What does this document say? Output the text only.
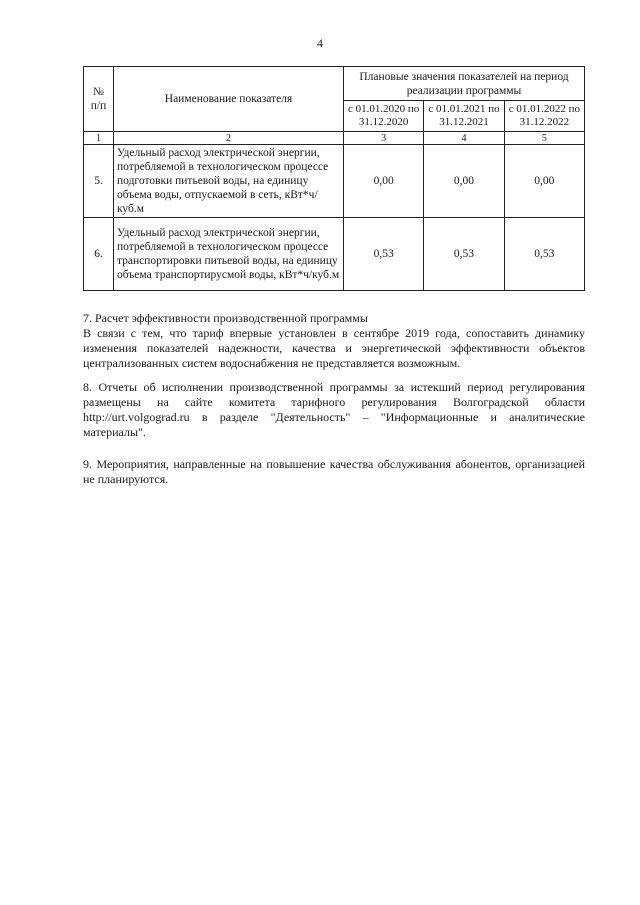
4
№ п/п	Наименование показателя	Плановые значения показателей на период реализации программы		
		с 01.01.2020 по 31.12.2020	с 01.01.2021 по 31.12.2021	с 01.01.2022 по 31.12.2022
1	2	3	4	5
5.	Удельный расход электрической энергии, потребляемой в технологическом процессе подготовки питьевой воды, на единицу объема воды, отпускаемой в сеть, кВт*ч/куб.м	0,00	0,00	0,00
6.	Удельный расход электрической энергии, потребляемой в технологическом процессе транспортировки питьевой воды, на единицу объема транспортирусмой воды, кВт*ч/куб.м	0,53	0,53	0,53
7. Расчет эффективности производственной программы
В связи с тем, что тариф впервые установлен в сентябре 2019 года, сопоставить динамику изменения показателей надежности, качества и энергетической эффективности объектов централизованных систем водоснабжения не представляется возможным.
8. Отчеты об исполнении производственной программы за истекший период регулирования размещены на сайте комитета тарифного регулирования Волгоградской области http://urt.volgograd.ru в разделе "Деятельность" – "Информационные и аналитические материалы".
9. Мероприятия, направленные на повышение качества обслуживания абонентов, организацией не планируются.
